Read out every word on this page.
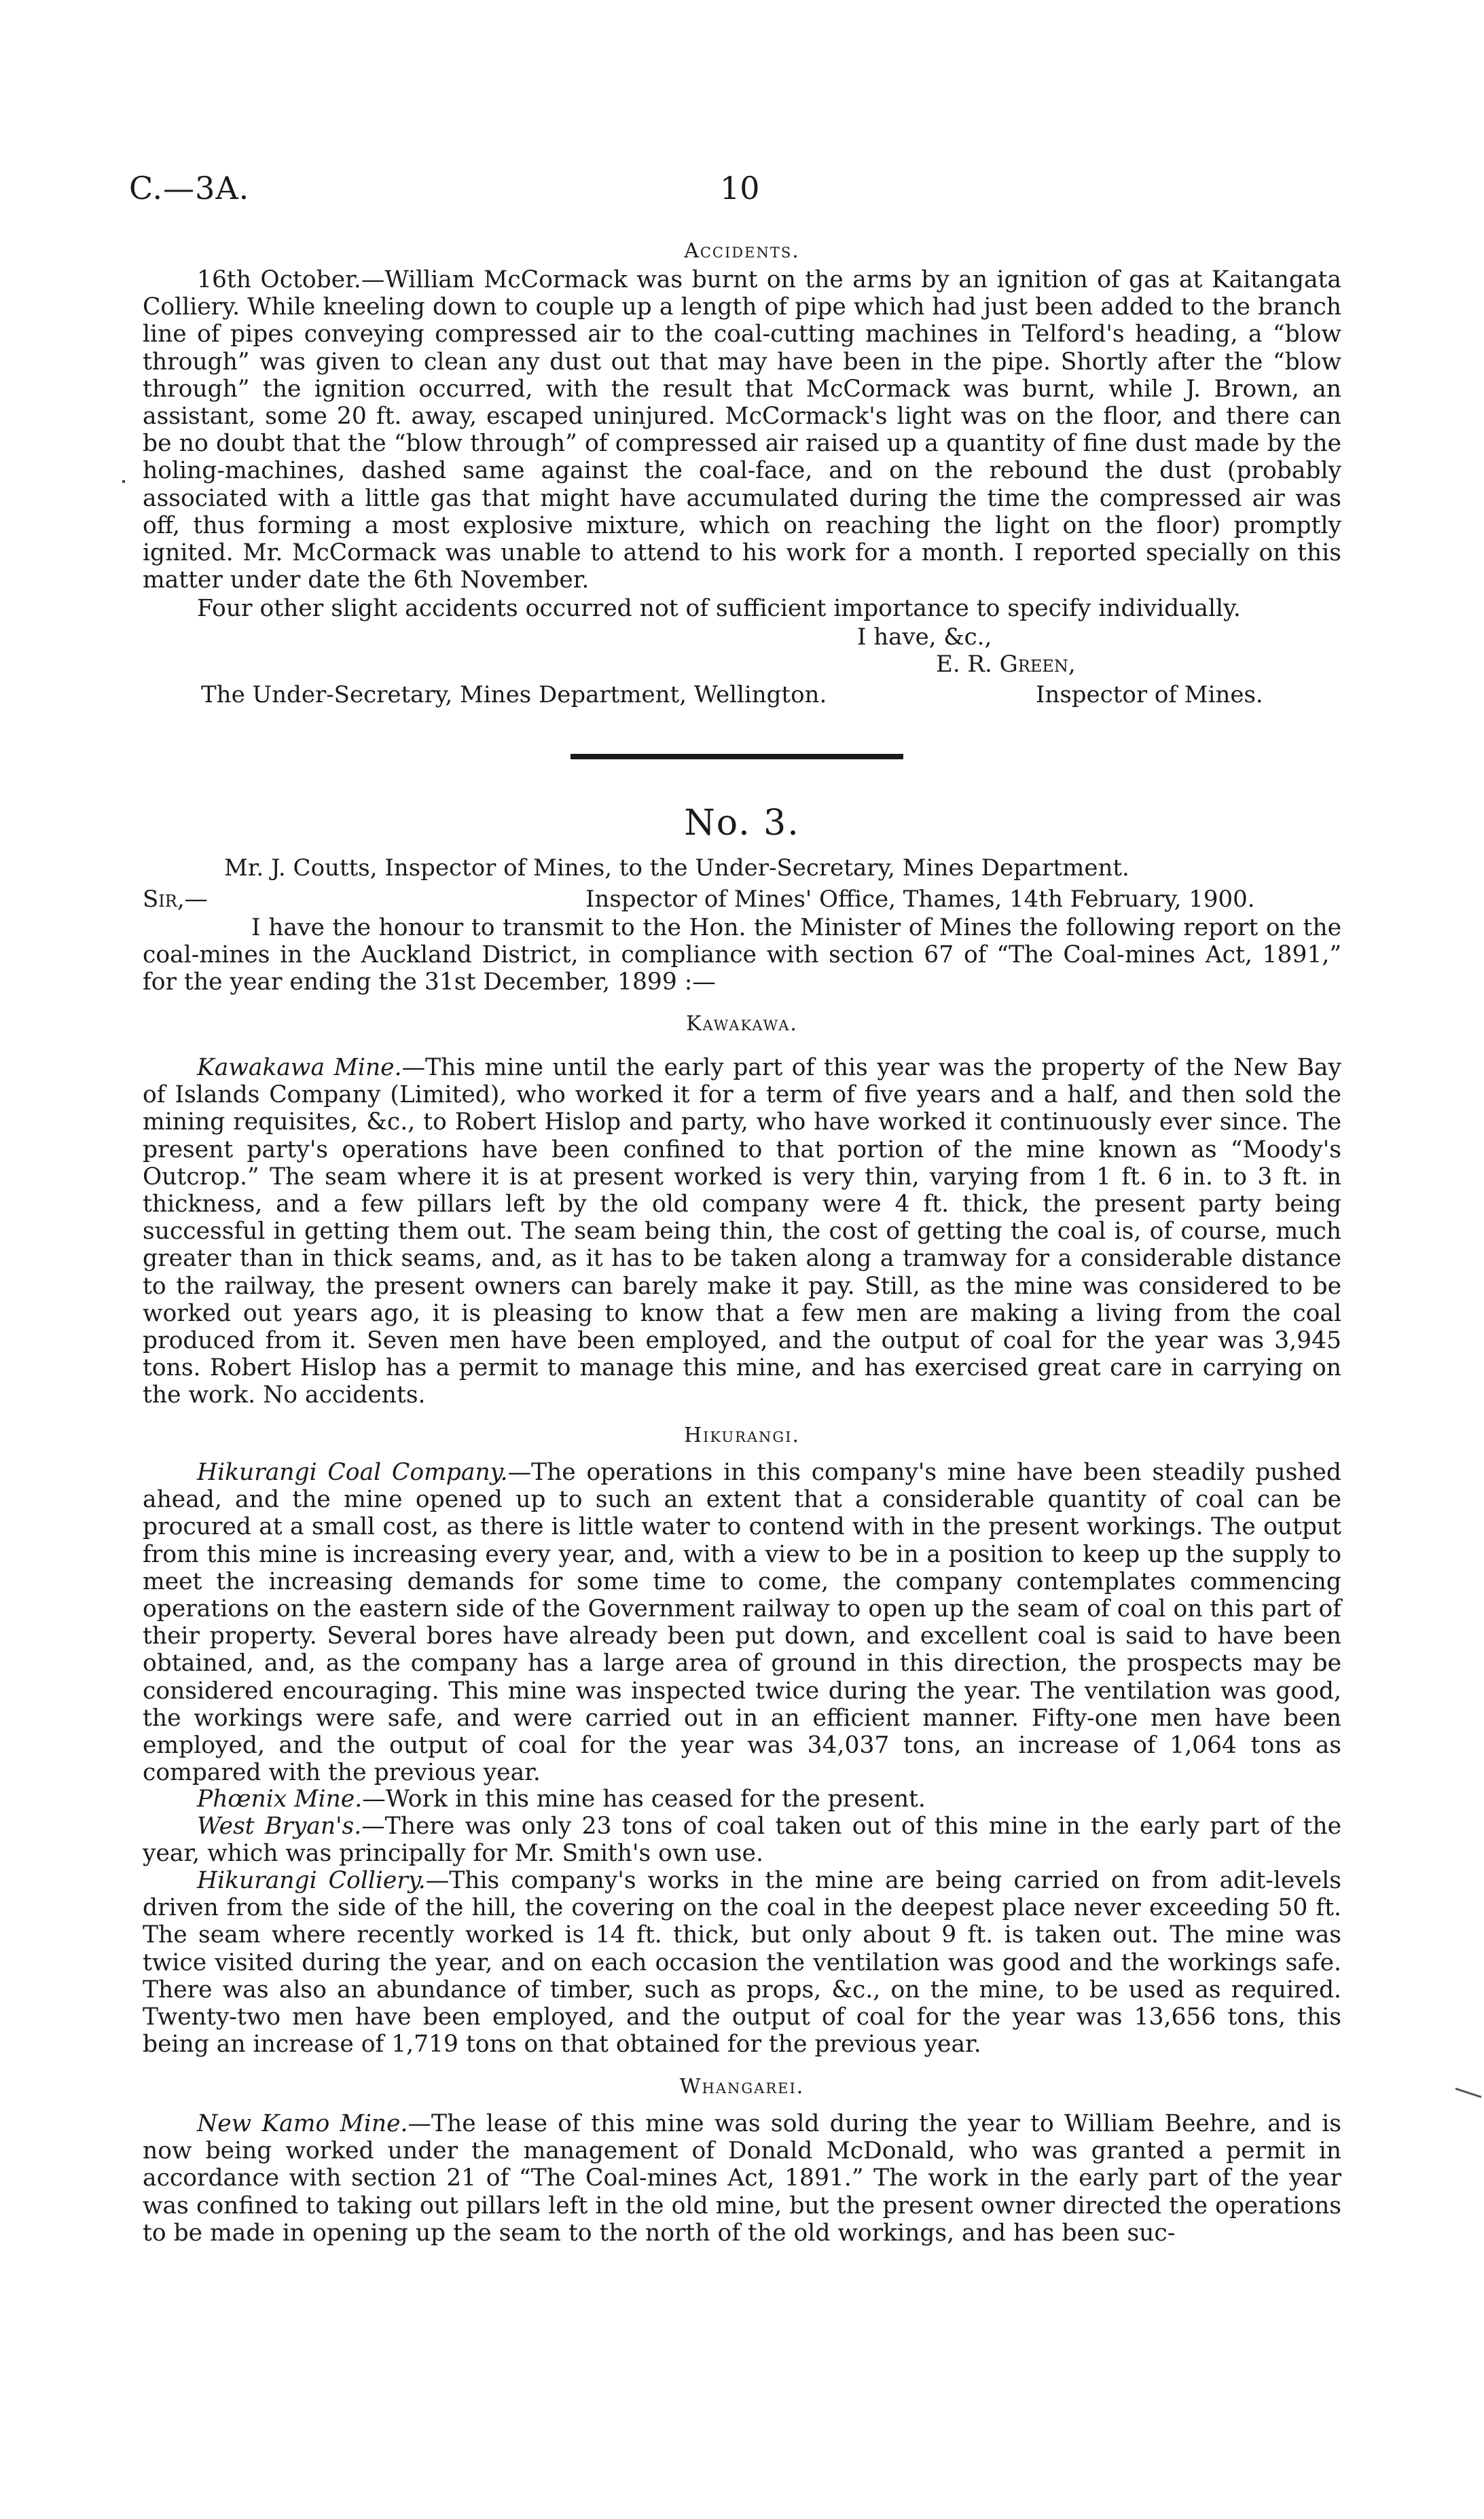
C.—3A.	10
Accidents.

16th October.—William McCormack was burnt on the arms by an ignition of gas at Kaitangata Colliery. While kneeling down to couple up a length of pipe which had just been added to the branch line of pipes conveying compressed air to the coal-cutting machines in Telford's heading, a “blow through” was given to clean any dust out that may have been in the pipe. Shortly after the “blow through” the ignition occurred, with the result that McCormack was burnt, while J. Brown, an assistant, some 20 ft. away, escaped uninjured. McCormack's light was on the floor, and there can be no doubt that the “blow through” of compressed air raised up a quantity of fine dust made by the holing-machines, dashed same against the coal-face, and on the rebound the dust (probably associated with a little gas that might have accumulated during the time the compressed air was off, thus forming a most explosive mixture, which on reaching the light on the floor) promptly ignited. Mr. McCormack was unable to attend to his work for a month. I reported specially on this matter under date the 6th November.

Four other slight accidents occurred not of sufficient importance to specify individually.

I have, &c.,
E. R. Green,
The Under-Secretary, Mines Department, Wellington.	Inspector of Mines.
No. 3.
Mr. J. Coutts, Inspector of Mines, to the Under-Secretary, Mines Department.
Sir,—	Inspector of Mines' Office, Thames, 14th February, 1900.

I have the honour to transmit to the Hon. the Minister of Mines the following report on the coal-mines in the Auckland District, in compliance with section 67 of “The Coal-mines Act, 1891,” for the year ending the 31st December, 1899 :—

Kawakawa.

Kawakawa Mine.—This mine until the early part of this year was the property of the New Bay of Islands Company (Limited), who worked it for a term of five years and a half, and then sold the mining requisites, &c., to Robert Hislop and party, who have worked it continuously ever since. The present party's operations have been confined to that portion of the mine known as “Moody's Outcrop.” The seam where it is at present worked is very thin, varying from 1 ft. 6 in. to 3 ft. in thickness, and a few pillars left by the old company were 4 ft. thick, the present party being successful in getting them out. The seam being thin, the cost of getting the coal is, of course, much greater than in thick seams, and, as it has to be taken along a tramway for a considerable distance to the railway, the present owners can barely make it pay. Still, as the mine was considered to be worked out years ago, it is pleasing to know that a few men are making a living from the coal produced from it. Seven men have been employed, and the output of coal for the year was 3,945 tons. Robert Hislop has a permit to manage this mine, and has exercised great care in carrying on the work. No accidents.

Hikurangi.

Hikurangi Coal Company.—The operations in this company's mine have been steadily pushed ahead, and the mine opened up to such an extent that a considerable quantity of coal can be procured at a small cost, as there is little water to contend with in the present workings. The output from this mine is increasing every year, and, with a view to be in a position to keep up the supply to meet the increasing demands for some time to come, the company contemplates commencing operations on the eastern side of the Government railway to open up the seam of coal on this part of their property. Several bores have already been put down, and excellent coal is said to have been obtained, and, as the company has a large area of ground in this direction, the prospects may be considered encouraging. This mine was inspected twice during the year. The ventilation was good, the workings were safe, and were carried out in an efficient manner. Fifty-one men have been employed, and the output of coal for the year was 34,037 tons, an increase of 1,064 tons as compared with the previous year.

Phœnix Mine.—Work in this mine has ceased for the present.

West Bryan's.—There was only 23 tons of coal taken out of this mine in the early part of the year, which was principally for Mr. Smith's own use.

Hikurangi Colliery.—This company's works in the mine are being carried on from adit-levels driven from the side of the hill, the covering on the coal in the deepest place never exceeding 50 ft. The seam where recently worked is 14 ft. thick, but only about 9 ft. is taken out. The mine was twice visited during the year, and on each occasion the ventilation was good and the workings safe. There was also an abundance of timber, such as props, &c., on the mine, to be used as required. Twenty-two men have been employed, and the output of coal for the year was 13,656 tons, this being an increase of 1,719 tons on that obtained for the previous year.

Whangarei.

New Kamo Mine.—The lease of this mine was sold during the year to William Beehre, and is now being worked under the management of Donald McDonald, who was granted a permit in accordance with section 21 of “The Coal-mines Act, 1891.” The work in the early part of the year was confined to taking out pillars left in the old mine, but the present owner directed the operations to be made in opening up the seam to the north of the old workings, and has been suc-
